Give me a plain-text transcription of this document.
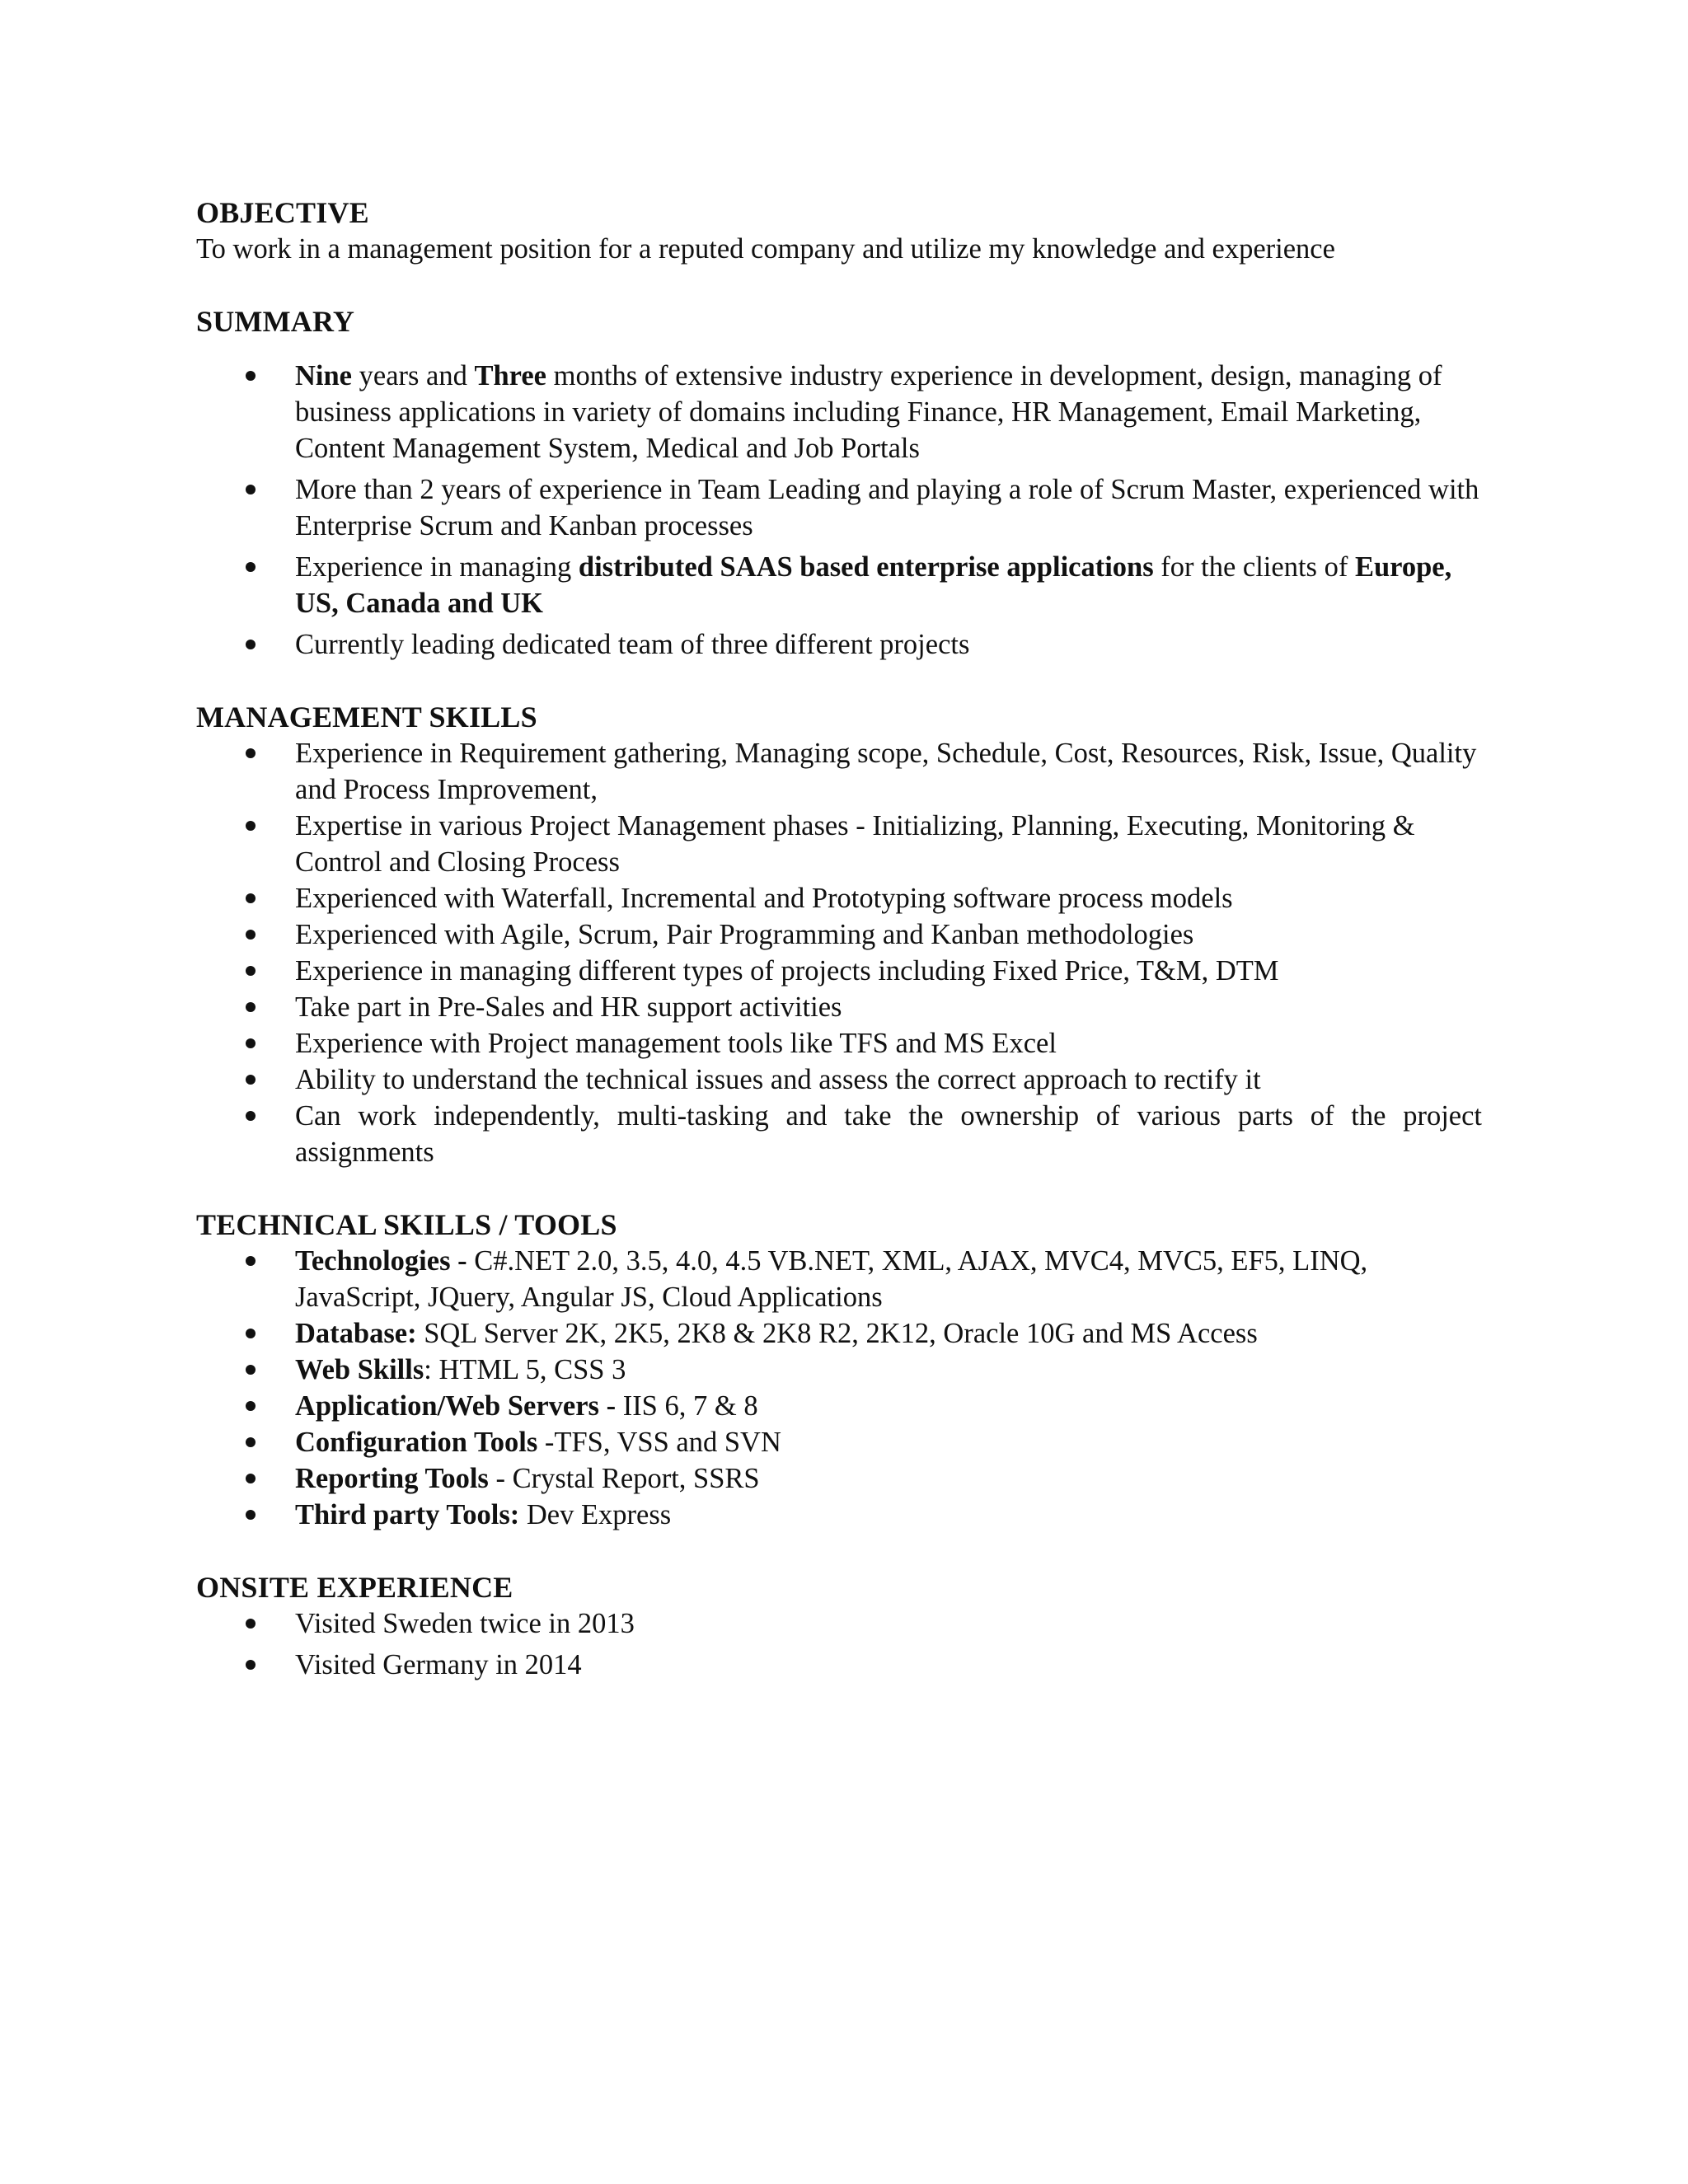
OBJECTIVE

To work in a management position for a reputed company and utilize my knowledge and experience

SUMMARY
Nine years and Three months of extensive industry experience in development, design, managing of business applications in variety of domains including Finance, HR Management, Email Marketing, Content Management System, Medical and Job Portals
More than 2 years of experience in Team Leading and playing a role of Scrum Master, experienced with Enterprise Scrum and Kanban processes
Experience in managing distributed SAAS based enterprise applications for the clients of Europe, US, Canada and UK
Currently leading dedicated team of three different projects
MANAGEMENT SKILLS
Experience in Requirement gathering, Managing scope, Schedule, Cost, Resources, Risk, Issue, Quality and Process Improvement,
Expertise in various Project Management phases - Initializing, Planning, Executing, Monitoring & Control and Closing Process
Experienced with Waterfall, Incremental and Prototyping software process models
Experienced with Agile, Scrum, Pair Programming and Kanban methodologies
Experience in managing different types of projects including Fixed Price, T&M, DTM
Take part in Pre-Sales and HR support activities
Experience with Project management tools like TFS and MS Excel
Ability to understand the technical issues and assess the correct approach to rectify it
Can work independently, multi-tasking and take the ownership of various parts of the project assignments
TECHNICAL SKILLS / TOOLS
Technologies - C#.NET 2.0, 3.5, 4.0, 4.5 VB.NET, XML, AJAX, MVC4, MVC5, EF5, LINQ, JavaScript, JQuery, Angular JS, Cloud Applications
Database: SQL Server 2K, 2K5, 2K8 & 2K8 R2, 2K12, Oracle 10G and MS Access
Web Skills: HTML 5, CSS 3
Application/Web Servers - IIS 6, 7 & 8
Configuration Tools -TFS, VSS and SVN
Reporting Tools - Crystal Report, SSRS
Third party Tools: Dev Express
ONSITE EXPERIENCE
Visited Sweden twice in 2013
Visited Germany in 2014
